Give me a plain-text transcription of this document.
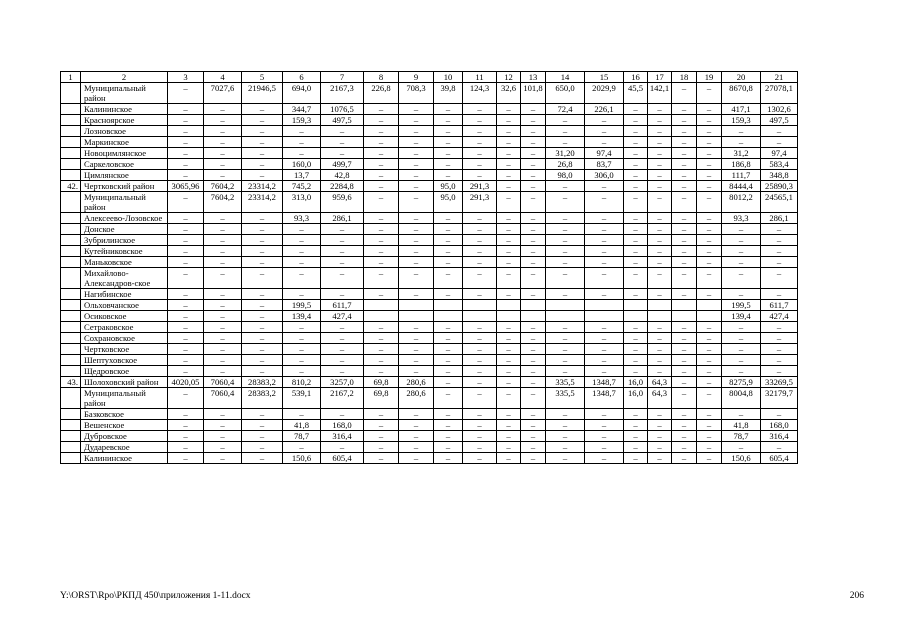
1	2	3	4	5	6	7	8	9	10	11	12	13	14	15	16	17	18	19	20	21
	Муниципальный район	–	7027,6	21946,5	694,0	2167,3	226,8	708,3	39,8	124,3	32,6	101,8	650,0	2029,9	45,5	142,1	–	–	8670,8	27078,1
	Калининское	–	–	–	344,7	1076,5	–	–	–	–	–	–	72,4	226,1	–	–	–	–	417,1	1302,6
	Красноярское	–	–	–	159,3	497,5	–	–	–	–	–	–	–	–	–	–	–	–	159,3	497,5
	Лозновское	–	–	–	–	–	–	–	–	–	–	–	–	–	–	–	–	–	–	–
	Маркинское	–	–	–	–	–	–	–	–	–	–	–	–	–	–	–	–	–	–	–
	Новоцимлянское	–	–	–	–	–	–	–	–	–	–	–	31,20	97,4	–	–	–	–	31,2	97,4
	Саркеловское	–	–	–	160,0	499,7	–	–	–	–	–	–	26,8	83,7	–	–	–	–	186,8	583,4
	Цимлянское	–	–	–	13,7	42,8	–	–	–	–	–	–	98,0	306,0	–	–	–	–	111,7	348,8
42.	Чертковский район	3065,96	7604,2	23314,2	745,2	2284,8	–	–	95,0	291,3	–	–	–	–	–	–	–	–	8444,4	25890,3
	Муниципальный район	–	7604,2	23314,2	313,0	959,6	–	–	95,0	291,3	–	–	–	–	–	–	–	–	8012,2	24565,1
	Алексеево-Лозовское	–	–	–	93,3	286,1	–	–	–	–	–	–	–	–	–	–	–	–	93,3	286,1
	Донское	–	–	–	–	–	–	–	–	–	–	–	–	–	–	–	–	–	–	–
	Зубрилинское	–	–	–	–	–	–	–	–	–	–	–	–	–	–	–	–	–	–	–
	Кутейниковское	–	–	–	–	–	–	–	–	–	–	–	–	–	–	–	–	–	–	–
	Маньковское	–	–	–	–	–	–	–	–	–	–	–	–	–	–	–	–	–	–	–
	Михайлово-Александров-ское	–	–	–	–	–	–	–	–	–	–	–	–	–	–	–	–	–	–	–
	Нагибинское	–	–	–	–	–	–	–	–	–	–	–	–	–	–	–	–	–	–	–
	Ольховчанское	–	–	–	199,5	611,7													199,5	611,7
	Осиковское	–	–	–	139,4	427,4													139,4	427,4
	Сетраковское	–	–	–	–	–	–	–	–	–	–	–	–	–	–	–	–	–	–	–
	Сохрановское	–	–	–	–	–	–	–	–	–	–	–	–	–	–	–	–	–	–	–
	Чертковское	–	–	–	–	–	–	–	–	–	–	–	–	–	–	–	–	–	–	–
	Шептуховское	–	–	–	–	–	–	–	–	–	–	–	–	–	–	–	–	–	–	–
	Щедровское	–	–	–	–	–	–	–	–	–	–	–	–	–	–	–	–	–	–	–
43.	Шолоховский район	4020,05	7060,4	28383,2	810,2	3257,0	69,8	280,6	–	–	–	–	335,5	1348,7	16,0	64,3	–	–	8275,9	33269,5
	Муниципальный район	–	7060,4	28383,2	539,1	2167,2	69,8	280,6	–	–	–	–	335,5	1348,7	16,0	64,3	–	–	8004,8	32179,7
	Базковское	–	–	–	–	–	–	–	–	–	–	–	–	–	–	–	–	–	–	–
	Вешенское	–	–	–	41,8	168,0	–	–	–	–	–	–	–	–	–	–	–	–	41,8	168,0
	Дубровское	–	–	–	78,7	316,4	–	–	–	–	–	–	–	–	–	–	–	–	78,7	316,4
	Дударевское	–	–	–	–	–	–	–	–	–	–	–	–	–	–	–	–	–	–	–
	Калининское	–	–	–	150,6	605,4	–	–	–	–	–	–	–	–	–	–	–	–	150,6	605,4
Y:\ORST\Rpo\РКПД 450\приложения 1-11.docx	206
